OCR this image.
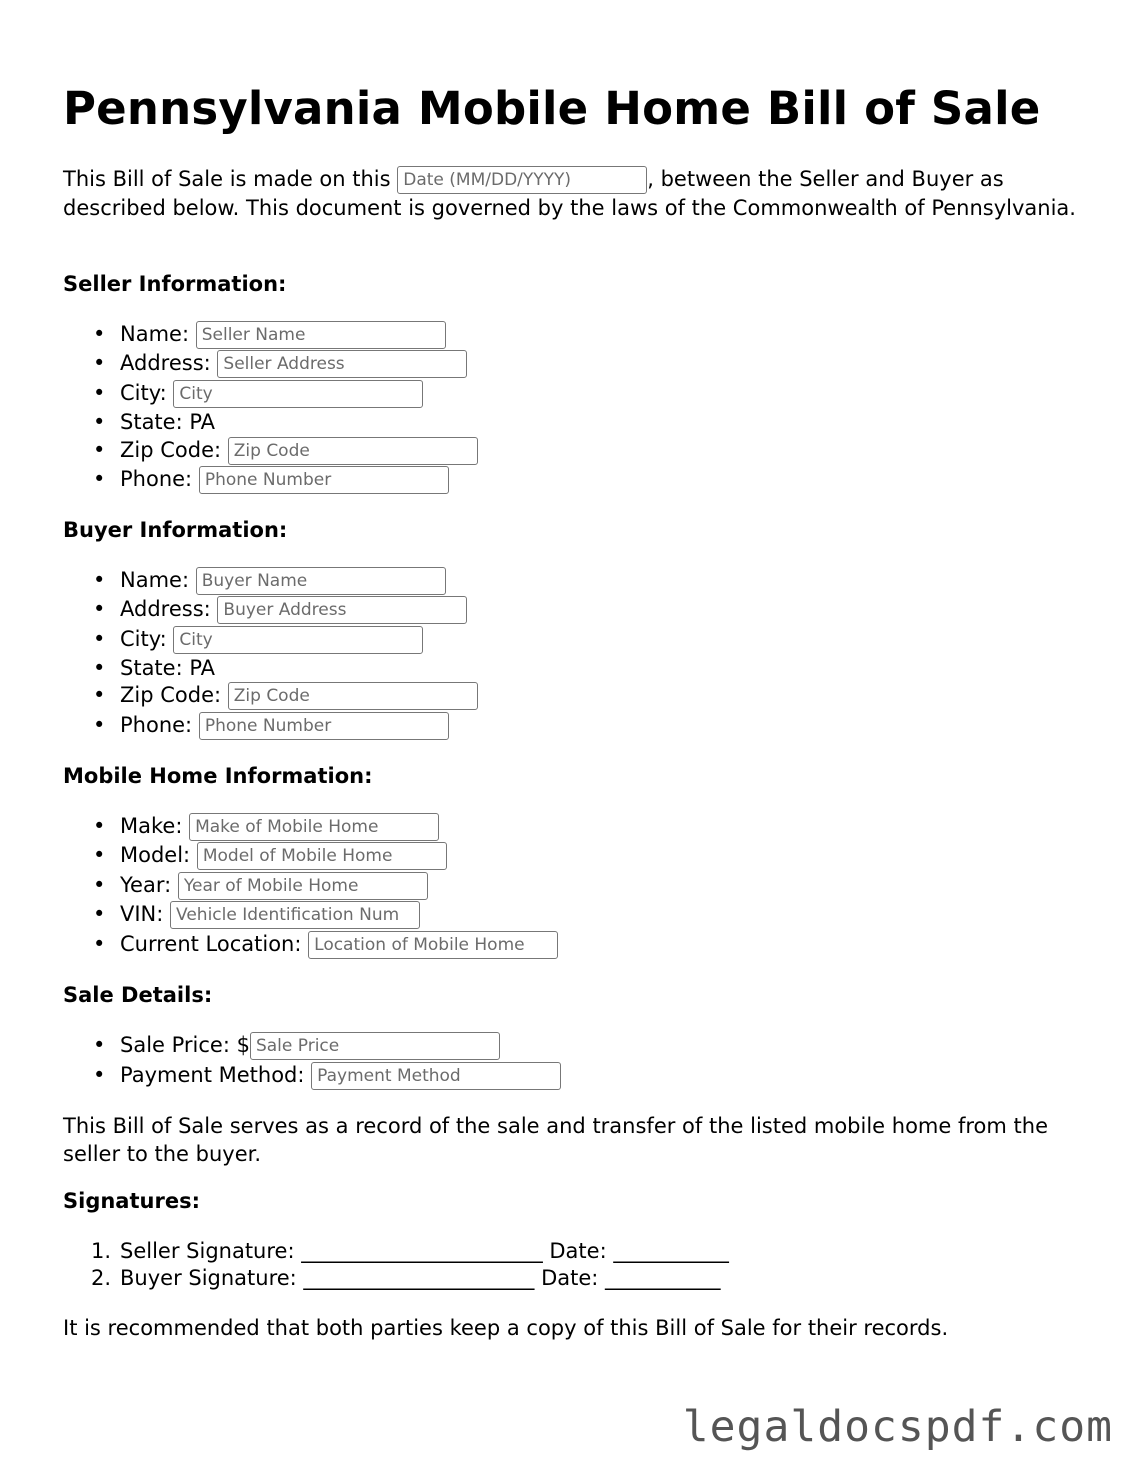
Pennsylvania Mobile Home Bill of Sale
This Bill of Sale is made on this Date (MM/DD/YYYY)	, between the Seller and Buyer as described below. This document is governed by the laws of the Commonwealth of Pennsylvania.
Seller Information:
• Name: Seller Name
• Address: Seller Address
• City: City
• State: PA
• Zip Code: Zip Code
• Phone: Phone Number
Buyer Information:
• Name: Buyer Name
• Address: Buyer Address
• City: City
• State: PA
• Zip Code: Zip Code
• Phone: Phone Number
Mobile Home Information:
• Make: Make of Mobile Home
• Model: Model of Mobile Home
• Year: Year of Mobile Home
• VIN: Vehicle Identification Num
• Current Location: Location of Mobile Home
Sale Details:
• Sale Price: $Sale Price
• Payment Method: Payment Method
This Bill of Sale serves as a record of the sale and transfer of the listed mobile home from the seller to the buyer.
Signatures:
1. Seller Signature: _______________________ Date: ___________
2. Buyer Signature: ______________________ Date: ___________
It is recommended that both parties keep a copy of this Bill of Sale for their records.
legaldocspdf.com
